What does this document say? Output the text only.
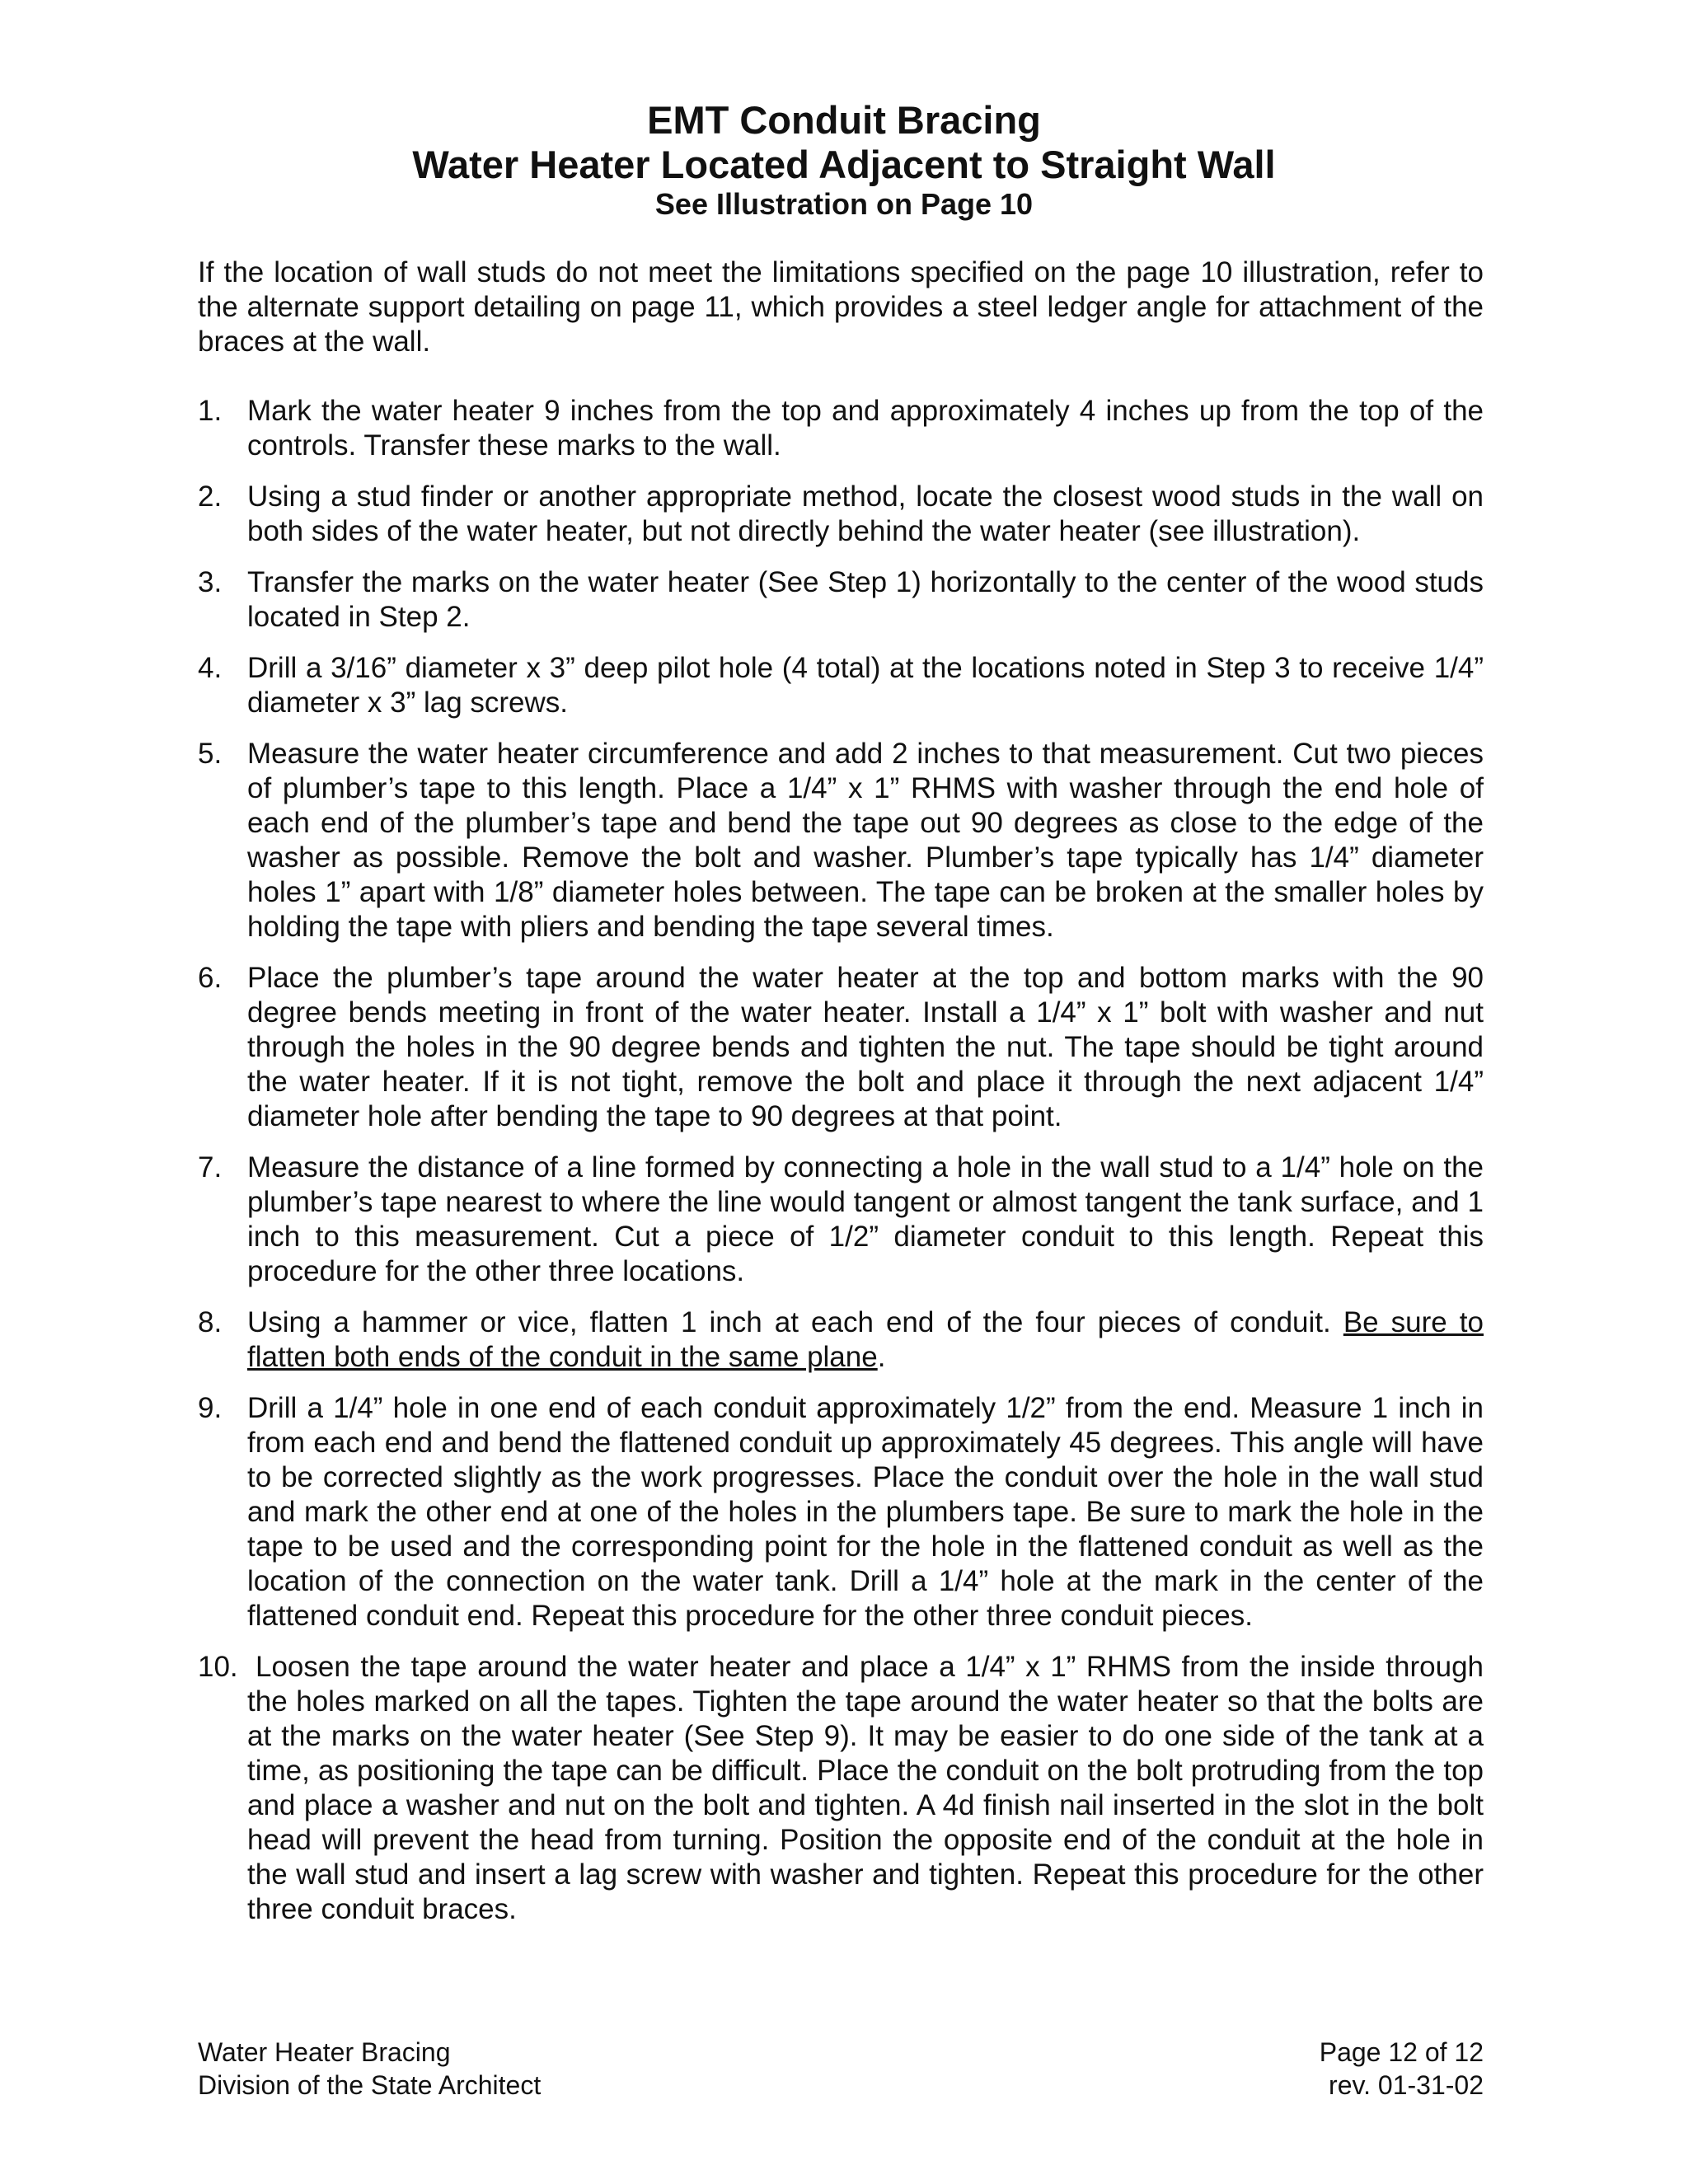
EMT Conduit Bracing
Water Heater Located Adjacent to Straight Wall
See Illustration on Page 10

If the location of wall studs do not meet the limitations specified on the page 10 illustration, refer to the alternate support detailing on page 11, which provides a steel ledger angle for attachment of the braces at the wall.

1. Mark the water heater 9 inches from the top and approximately 4 inches up from the top of the controls. Transfer these marks to the wall.
2. Using a stud finder or another appropriate method, locate the closest wood studs in the wall on both sides of the water heater, but not directly behind the water heater (see illustration).
3. Transfer the marks on the water heater (See Step 1) horizontally to the center of the wood studs located in Step 2.
4. Drill a 3/16” diameter x 3” deep pilot hole (4 total) at the locations noted in Step 3 to receive 1/4” diameter x 3” lag screws.
5. Measure the water heater circumference and add 2 inches to that measurement. Cut two pieces of plumber’s tape to this length. Place a 1/4” x 1” RHMS with washer through the end hole of each end of the plumber’s tape and bend the tape out 90 degrees as close to the edge of the washer as possible. Remove the bolt and washer. Plumber’s tape typically has 1/4” diameter holes 1” apart with 1/8” diameter holes between. The tape can be broken at the smaller holes by holding the tape with pliers and bending the tape several times.
6. Place the plumber’s tape around the water heater at the top and bottom marks with the 90 degree bends meeting in front of the water heater. Install a 1/4” x 1” bolt with washer and nut through the holes in the 90 degree bends and tighten the nut. The tape should be tight around the water heater. If it is not tight, remove the bolt and place it through the next adjacent 1/4” diameter hole after bending the tape to 90 degrees at that point.
7. Measure the distance of a line formed by connecting a hole in the wall stud to a 1/4” hole on the plumber’s tape nearest to where the line would tangent or almost tangent the tank surface, and 1 inch to this measurement. Cut a piece of 1/2” diameter conduit to this length. Repeat this procedure for the other three locations.
8. Using a hammer or vice, flatten 1 inch at each end of the four pieces of conduit. Be sure to flatten both ends of the conduit in the same plane.
9. Drill a 1/4” hole in one end of each conduit approximately 1/2” from the end. Measure 1 inch in from each end and bend the flattened conduit up approximately 45 degrees. This angle will have to be corrected slightly as the work progresses. Place the conduit over the hole in the wall stud and mark the other end at one of the holes in the plumbers tape. Be sure to mark the hole in the tape to be used and the corresponding point for the hole in the flattened conduit as well as the location of the connection on the water tank. Drill a 1/4” hole at the mark in the center of the flattened conduit end. Repeat this procedure for the other three conduit pieces.
10. Loosen the tape around the water heater and place a 1/4” x 1” RHMS from the inside through the holes marked on all the tapes. Tighten the tape around the water heater so that the bolts are at the marks on the water heater (See Step 9). It may be easier to do one side of the tank at a time, as positioning the tape can be difficult. Place the conduit on the bolt protruding from the top and place a washer and nut on the bolt and tighten. A 4d finish nail inserted in the slot in the bolt head will prevent the head from turning. Position the opposite end of the conduit at the hole in the wall stud and insert a lag screw with washer and tighten. Repeat this procedure for the other three conduit braces.
Water Heater Bracing
Division of the State Architect
Page 12 of 12
rev. 01-31-02
